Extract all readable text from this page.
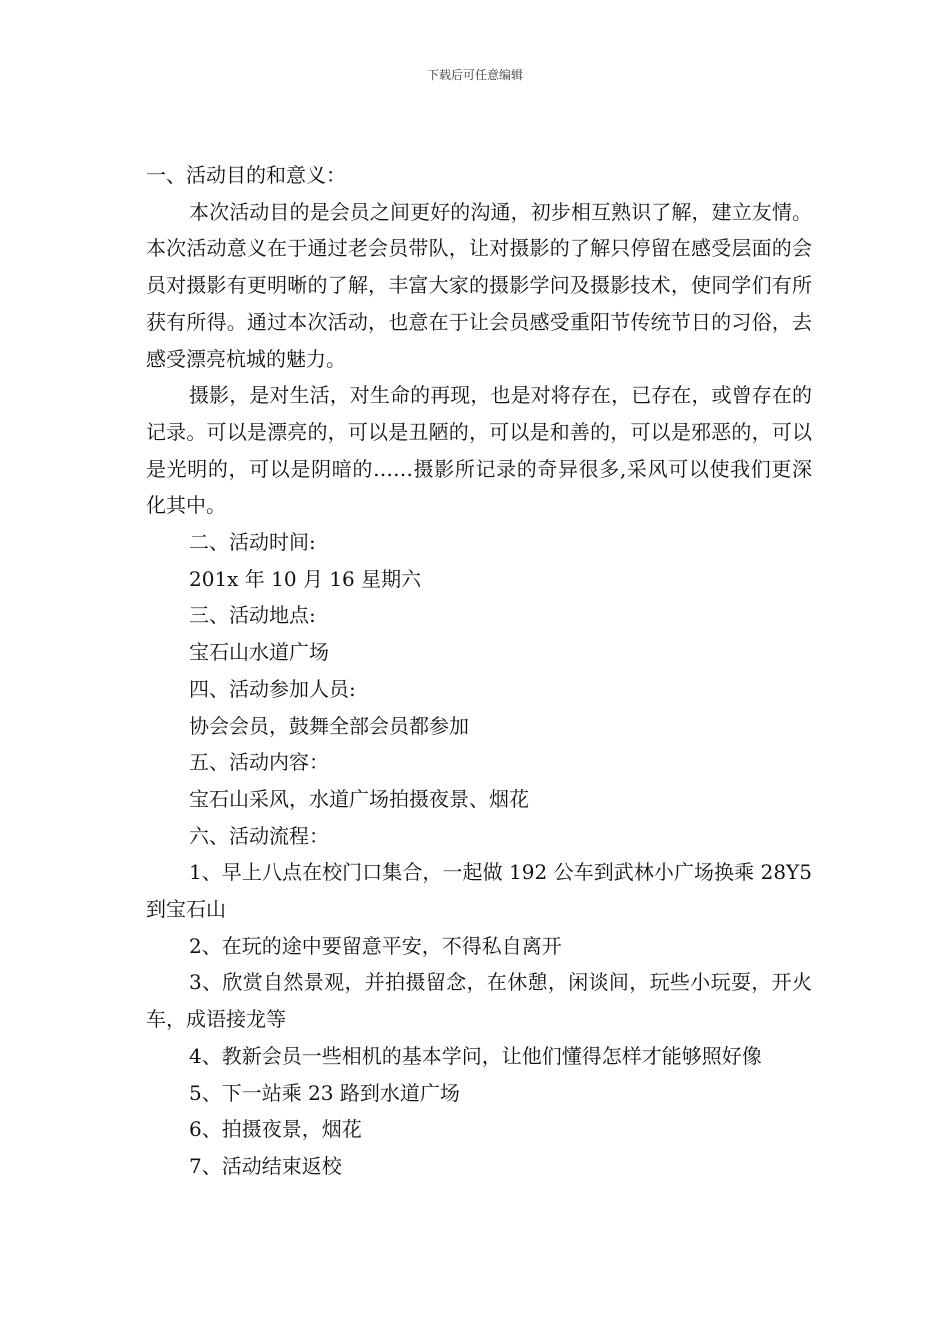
下载后可任意编辑

一、活动目的和意义：

本次活动目的是会员之间更好的沟通，初步相互熟识了解，建立友情。本次活动意义在于通过老会员带队，让对摄影的了解只停留在感受层面的会员对摄影有更明晰的了解，丰富大家的摄影学问及摄影技术，使同学们有所获有所得。通过本次活动，也意在于让会员感受重阳节传统节日的习俗，去感受漂亮杭城的魅力。

摄影，是对生活，对生命的再现，也是对将存在，已存在，或曾存在的记录。可以是漂亮的，可以是丑陋的，可以是和善的，可以是邪恶的，可以是光明的，可以是阴暗的……摄影所记录的奇异很多,采风可以使我们更深化其中。

二、活动时间:

201x 年 10 月 16 星期六

三、活动地点:

宝石山水道广场

四、活动参加人员:

协会会员，鼓舞全部会员都参加

五、活动内容：

宝石山采风，水道广场拍摄夜景、烟花

六、活动流程：

1、早上八点在校门口集合，一起做 192 公车到武林小广场换乘 28Y5 到宝石山

2、在玩的途中要留意平安，不得私自离开

3、欣赏自然景观，并拍摄留念，在休憩，闲谈间，玩些小玩耍，开火车，成语接龙等

4、教新会员一些相机的基本学问，让他们懂得怎样才能够照好像

5、下一站乘 23 路到水道广场

6、拍摄夜景，烟花

7、活动结束返校
